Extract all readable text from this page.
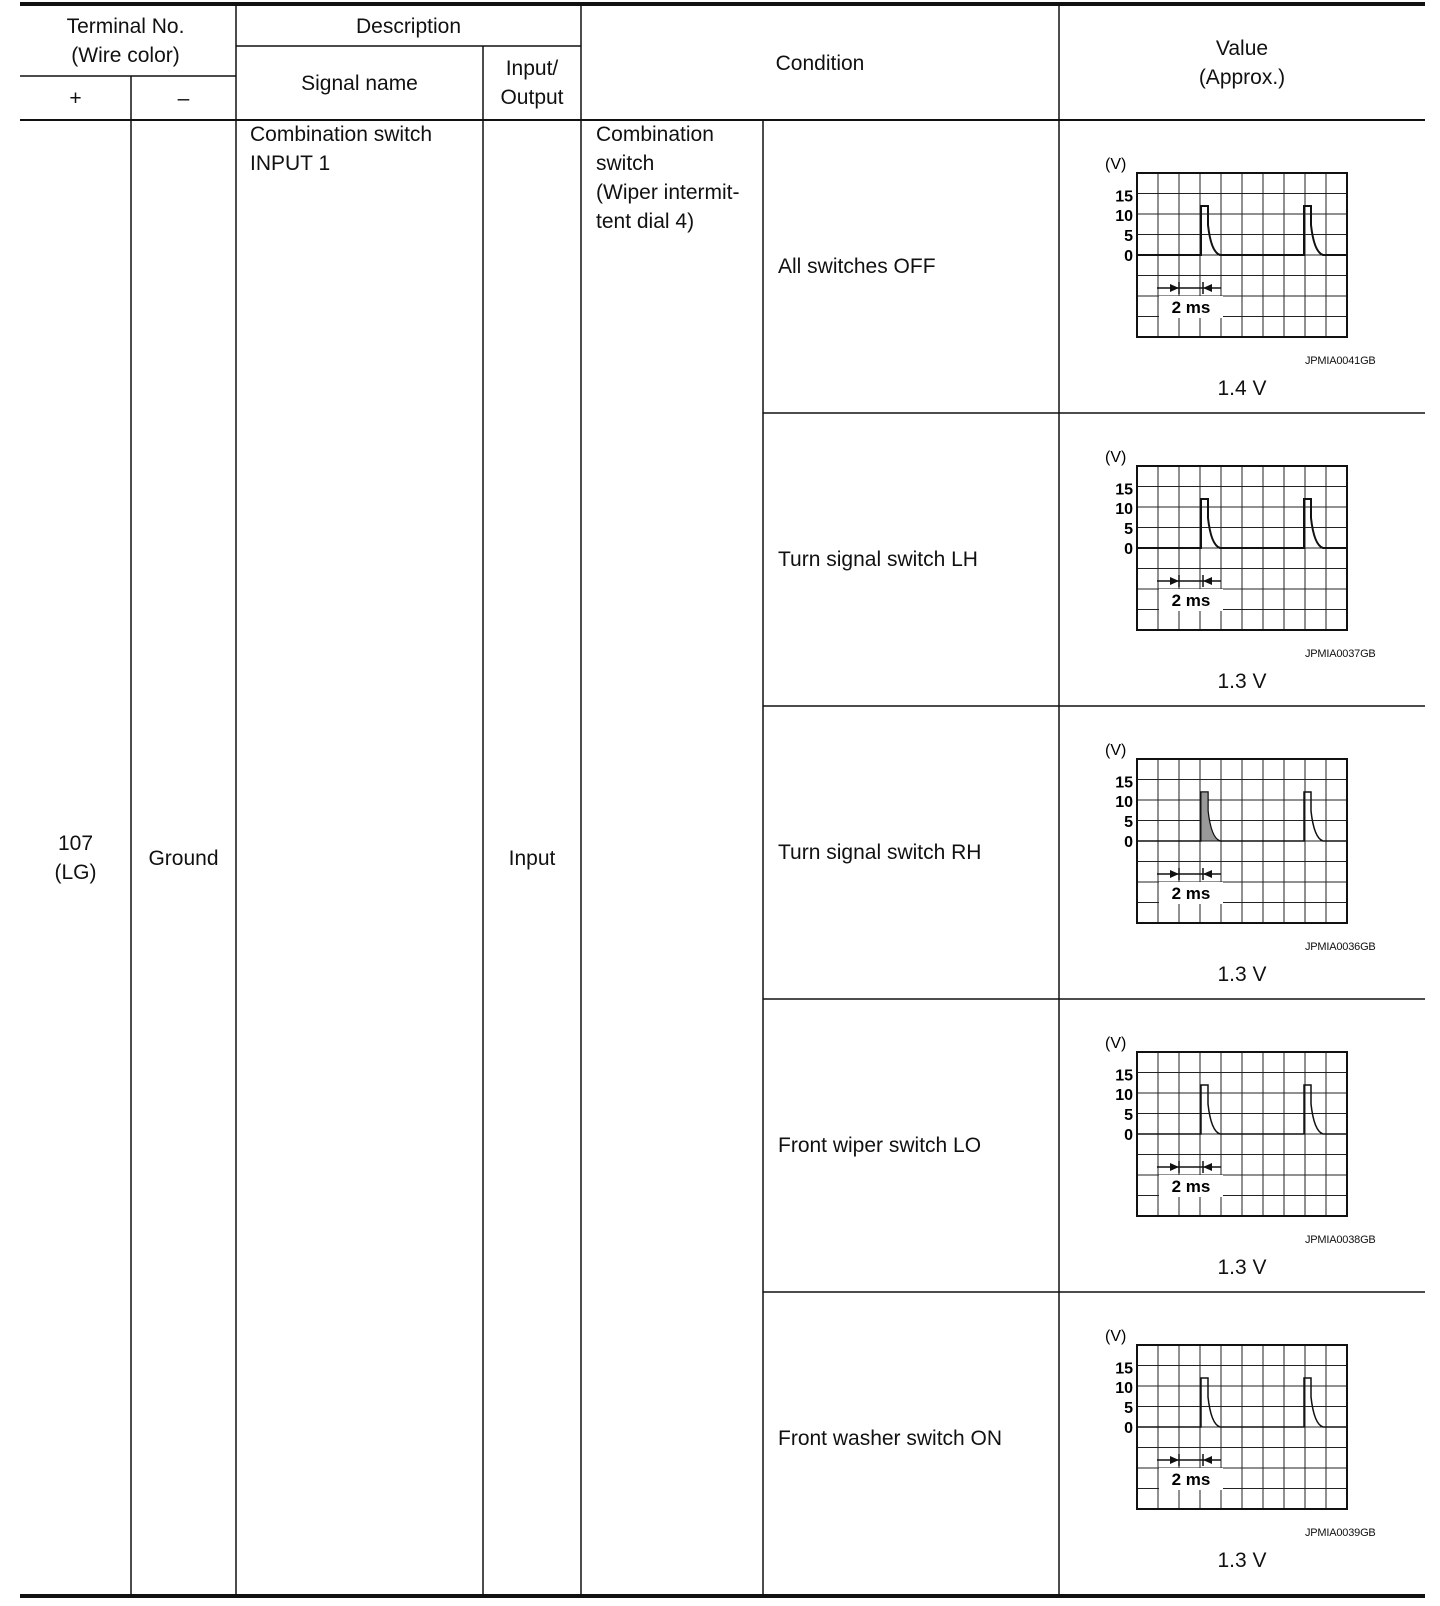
Terminal No.
(Wire color)
+	–
Description
Signal name
Input/
Output
Condition
Value
(Approx.)
107
(LG)
Ground
Combination switch
INPUT 1
Input
Combination
switch
(Wiper intermit-
tent dial 4)
All switches OFF
Turn signal switch LH
Turn signal switch RH
Front wiper switch LO
Front washer switch ON
(V)
15
10
5
0
2 ms
(V)
15
10
5
0
2 ms
(V)
15
10
5
0
2 ms
(V)
15
10
5
0
2 ms
(V)
15
10
5
0
2 ms
JPMIA0041GB
JPMIA0037GB
JPMIA0036GB
JPMIA0038GB
JPMIA0039GB
1.4 V
1.3 V
1.3 V
1.3 V
1.3 V
